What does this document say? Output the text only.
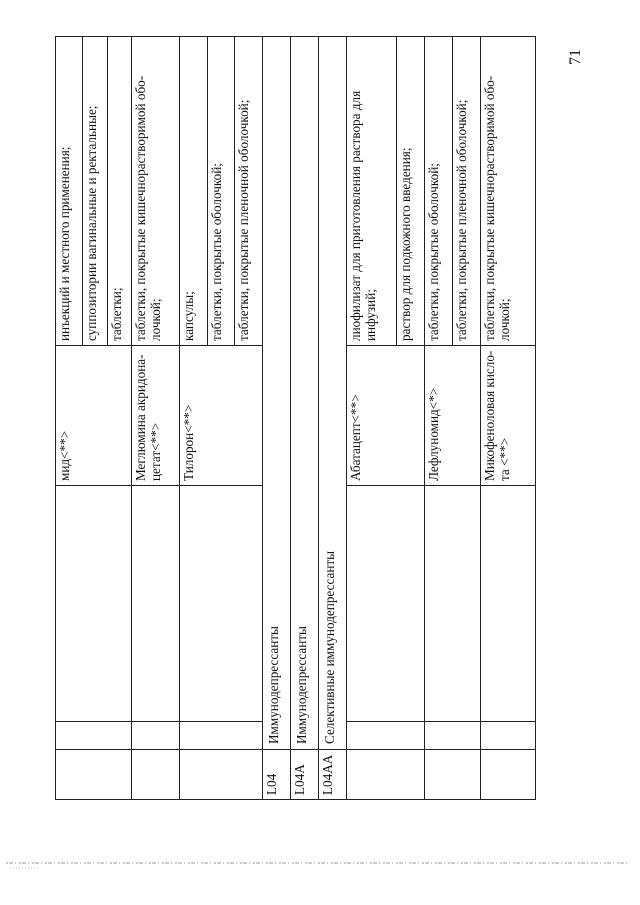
71
			мид<**>	инъекций и местного применения;
				суппозитории вагинальные и ректальные;
				таблетки;
			Меглюмина акридона-цетат<**>	таблетки, покрытые кишечнорастворимой обо-лочкой;
			Тилорон<**>	капсулы;
				таблетки, покрытые оболочкой;
				таблетки, покрытые пленочной оболочкой;
L04	Иммунодепрессанты			
L04A	Иммунодепрессанты			
L04AA	Селективные иммунодепрессанты			
			Абатацепт<**>	лиофилизат для приготовления раствора для инфузий;
				раствор для подкожного введения;
			Лефлуномид<*>	таблетки, покрытые оболочкой;
				таблетки, покрытые пленочной оболочкой;
			Микофеноловая кисло-та <**>	таблетки, покрытые кишечнорастворимой обо-лочкой;
